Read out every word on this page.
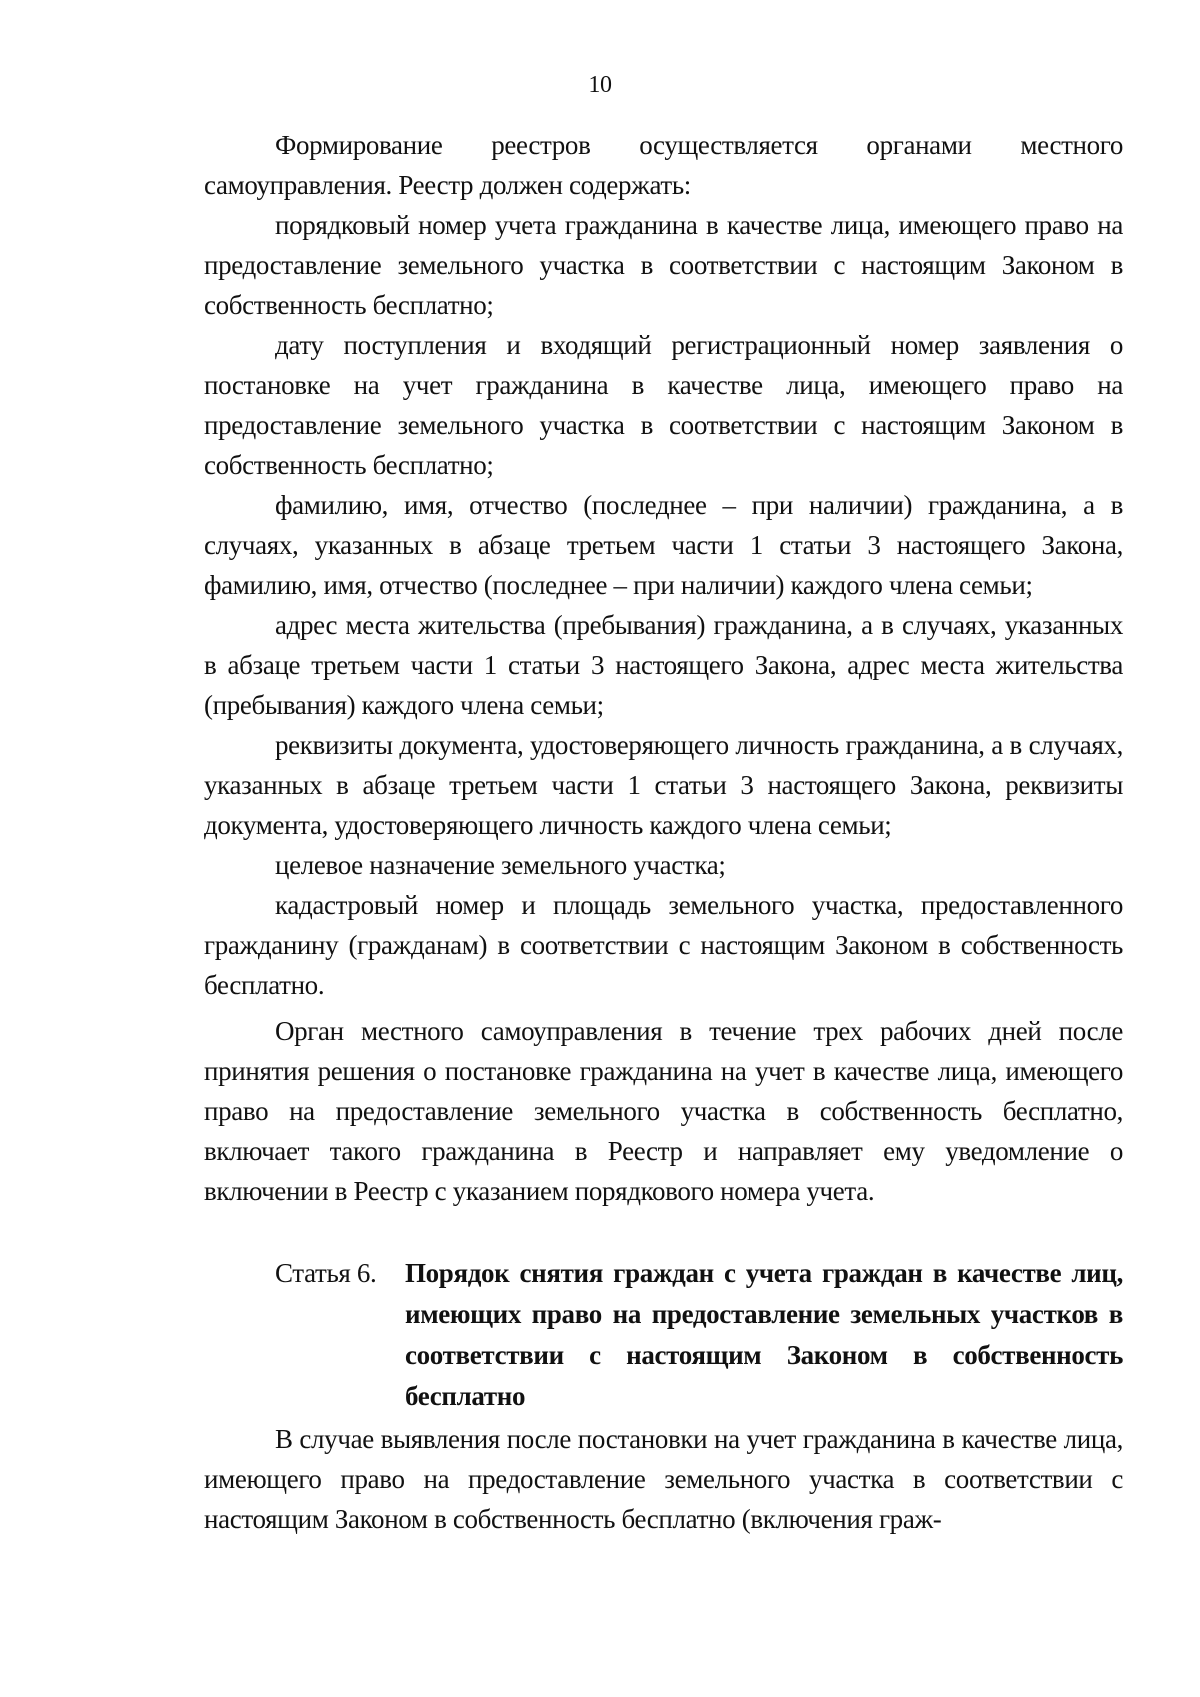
10

Формирование реестров осуществляется органами местного самоуправления. Реестр должен содержать:

порядковый номер учета гражданина в качестве лица, имеющего право на предоставление земельного участка в соответствии с настоящим Законом в собственность бесплатно;

дату поступления и входящий регистрационный номер заявления о постановке на учет гражданина в качестве лица, имеющего право на предоставление земельного участка в соответствии с настоящим Законом в собственность бесплатно;

фамилию, имя, отчество (последнее – при наличии) гражданина, а в случаях, указанных в абзаце третьем части 1 статьи 3 настоящего Закона, фамилию, имя, отчество (последнее – при наличии) каждого члена семьи;

адрес места жительства (пребывания) гражданина, а в случаях, указанных в абзаце третьем части 1 статьи 3 настоящего Закона, адрес места жительства (пребывания) каждого члена семьи;

реквизиты документа, удостоверяющего личность гражданина, а в случаях, указанных в абзаце третьем части 1 статьи 3 настоящего Закона, реквизиты документа, удостоверяющего личность каждого члена семьи;

целевое назначение земельного участка;

кадастровый номер и площадь земельного участка, предоставленного гражданину (гражданам) в соответствии с настоящим Законом в собственность бесплатно.

Орган местного самоуправления в течение трех рабочих дней после принятия решения о постановке гражданина на учет в качестве лица, имеющего право на предоставление земельного участка в собственность бесплатно, включает такого гражданина в Реестр и направляет ему уведомление о включении в Реестр с указанием порядкового номера учета.

Статья 6.	Порядок снятия граждан с учета граждан в качестве лиц, имеющих право на предоставление земельных участков в соответствии с настоящим Законом в собственность бесплатно

В случае выявления после постановки на учет гражданина в качестве лица, имеющего право на предоставление земельного участка в соответствии с настоящим Законом в собственность бесплатно (включения граж-
